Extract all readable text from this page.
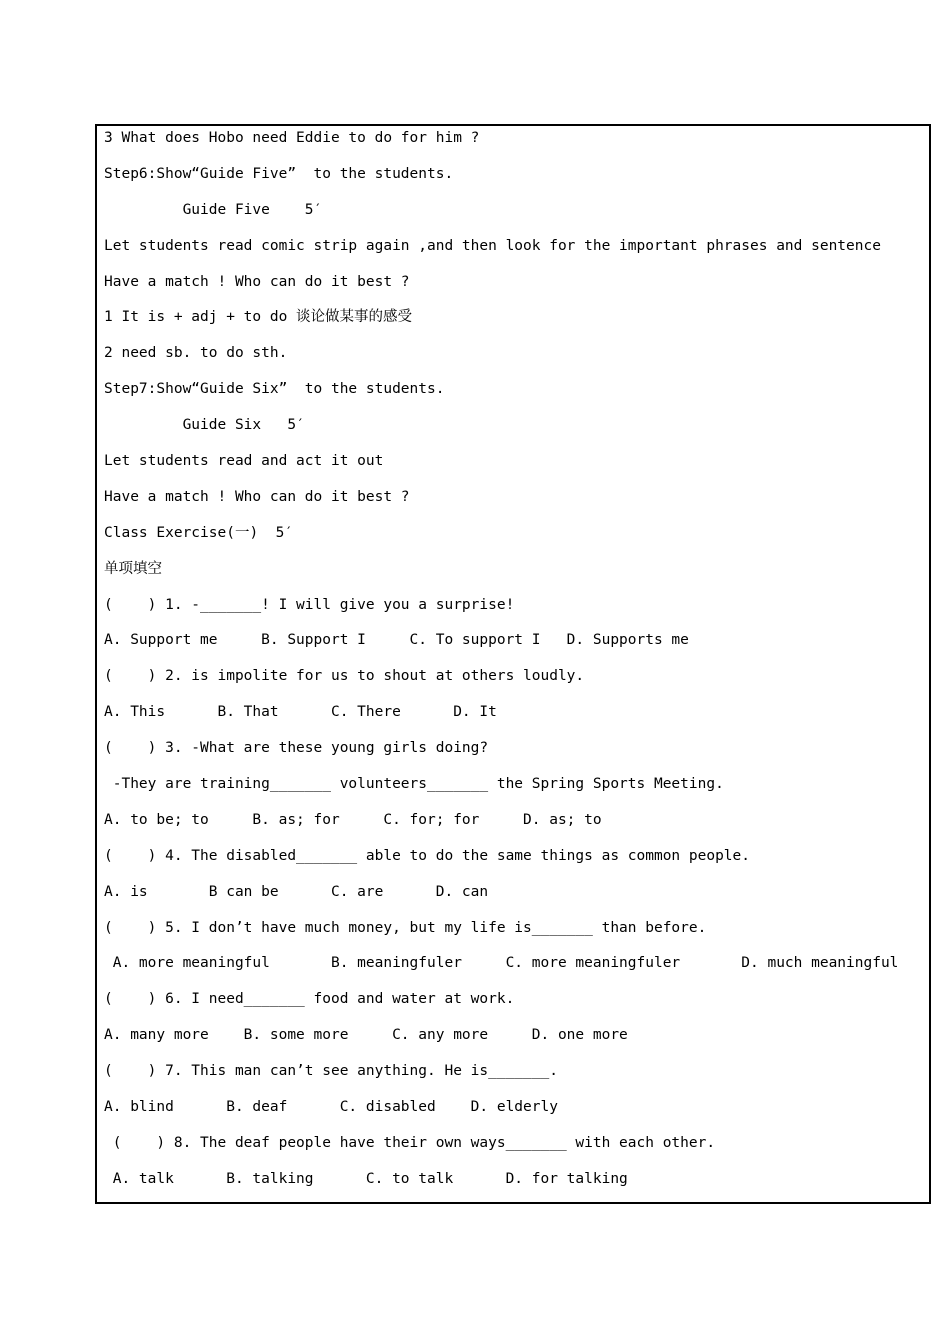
3 What does Hobo need Eddie to do for him ?
Step6:Show“Guide Five”  to the students.
Guide Five    5′
Let students read comic strip again ,and then look for the important phrases and sentence
Have a match ! Who can do it best ?
1 It is + adj + to do 谈论做某事的感受
2 need sb. to do sth.
Step7:Show“Guide Six”  to the students.
Guide Six   5′
Let students read and act it out
Have a match ! Who can do it best ?
Class Exercise(一)  5′
单项填空
(    ) 1. -_______! I will give you a surprise!
A. Support me     B. Support I     C. To support I   D. Supports me
(    ) 2. is impolite for us to shout at others loudly.
A. This      B. That      C. There      D. It
(    ) 3. -What are these young girls doing?
-They are training_______ volunteers_______ the Spring Sports Meeting.
A. to be; to     B. as; for     C. for; for     D. as; to
(    ) 4. The disabled_______ able to do the same things as common people.
A. is       B can be      C. are      D. can
(    ) 5. I don’t have much money, but my life is_______ than before.
A. more meaningful       B. meaningfuler     C. more meaningfuler       D. much meaningful
(    ) 6. I need_______ food and water at work.
A. many more    B. some more     C. any more     D. one more
(    ) 7. This man can’t see anything. He is_______.
A. blind      B. deaf      C. disabled    D. elderly
(    ) 8. The deaf people have their own ways_______ with each other.
A. talk      B. talking      C. to talk      D. for talking
